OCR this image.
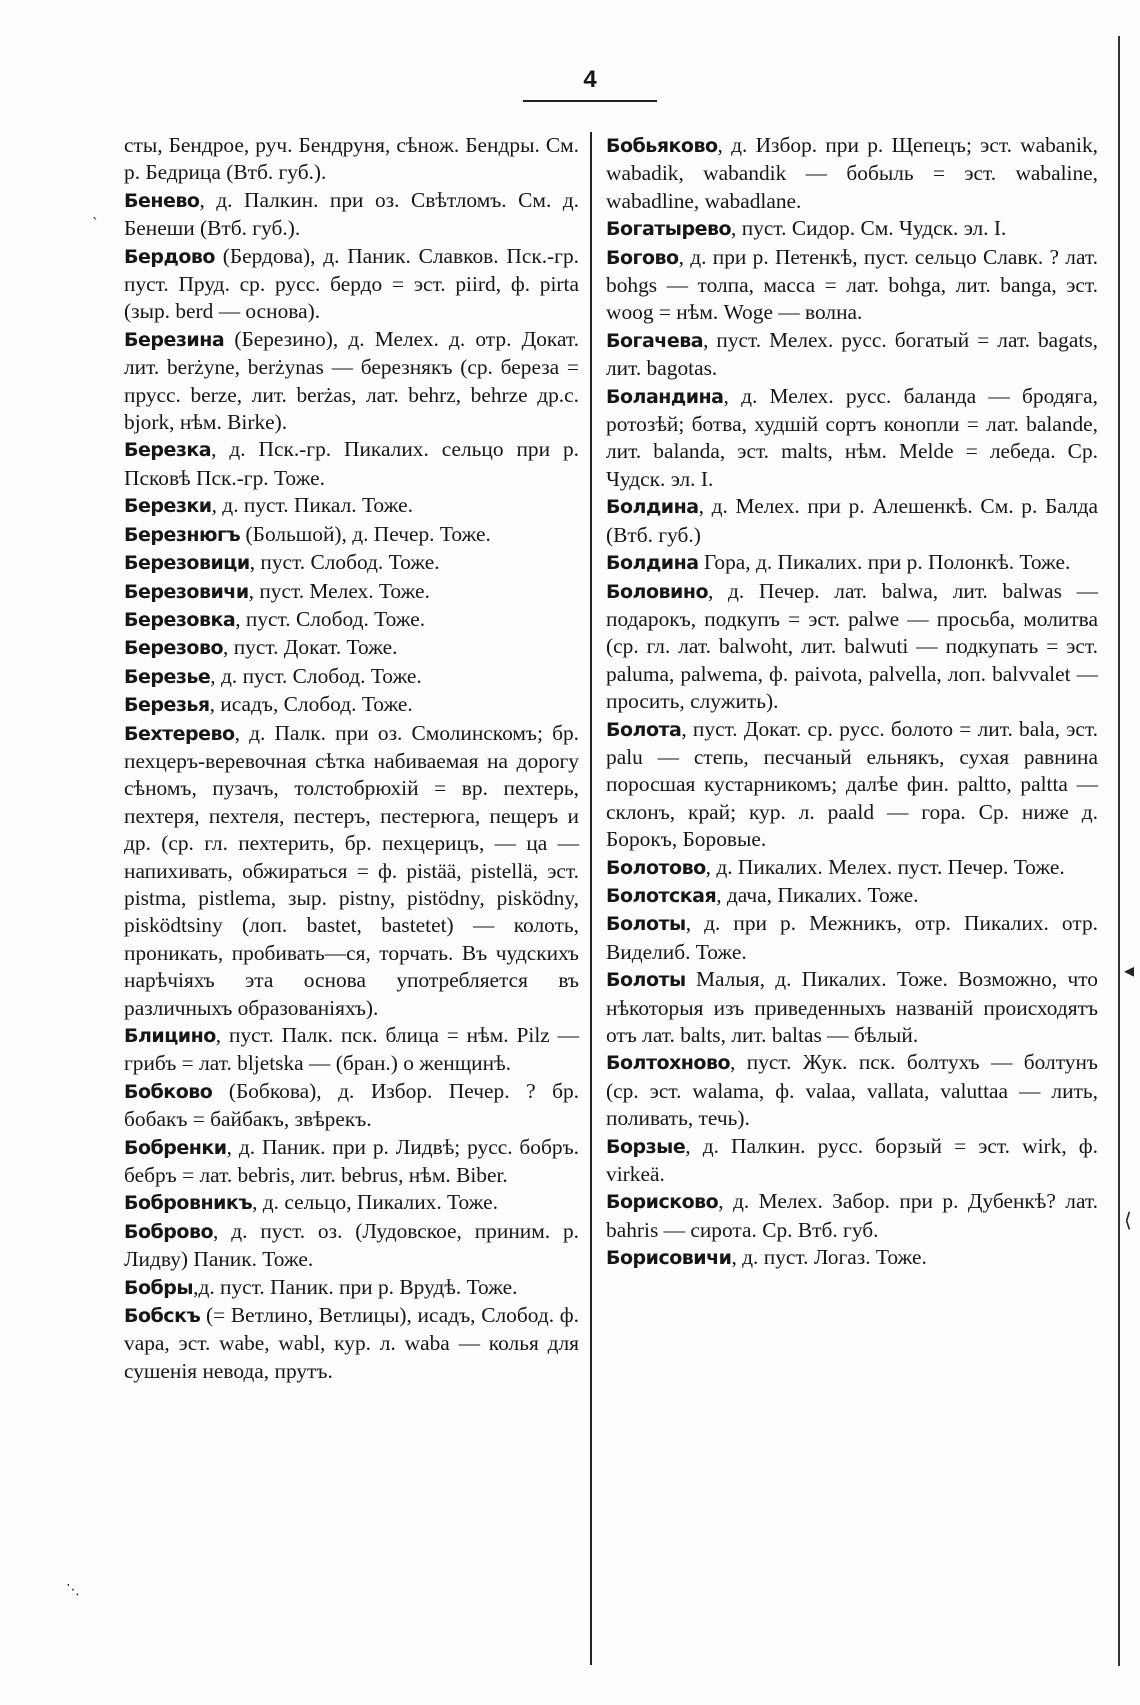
4

сты, Бендрое, руч. Бендруня, сѣнож. Бендры. См. р. Бедрица (Втб. губ.).

Бенево, д. Палкин. при оз. Свѣтломъ. См. д. Бенеши (Втб. губ.).

Бердово (Бердова), д. Паник. Славков. Пск.-гр. пуст. Пруд. ср. русс. бердо = эст. piird, ф. pirta (зыр. berd — основа).

Березина (Березино), д. Мелех. д. отр. Докат. лит. berżyne, berżynas — березнякъ (ср. береза = прусс. berze, лит. berżas, лат. behrz, behrze др.с. bjork, нѣм. Birke).

Березка, д. Пск.-гр. Пикалих. сельцо при р. Псковѣ Пск.-гр. Тоже.

Березки, д. пуст. Пикал. Тоже.

Березнюгъ (Большой), д. Печер. Тоже.

Березовици, пуст. Слобод. Тоже.

Березовичи, пуст. Мелех. Тоже.

Березовка, пуст. Слобод. Тоже.

Березово, пуст. Докат. Тоже.

Березье, д. пуст. Слобод. Тоже.

Березья, исадъ, Слобод. Тоже.

Бехтерево, д. Палк. при оз. Смолинскомъ; бр. пехцеръ-веревочная сѣтка набиваемая на дорогу сѣномъ, пузачъ, толстобрюхій = вр. пехтерь, пехтеря, пехтеля, пестеръ, пестерюга, пещеръ и др. (ср. гл. пехтерить, бр. пехцерицъ, — ца — напихивать, обжираться = ф. pistää, pistellä, эст. pistma, pistlema, зыр. pistny, pistödny, pisködny, pisködtsiny (лоп. bastet, bastetet) — колоть, проникать, пробивать—ся, торчать. Въ чудскихъ нарѣчіяхъ эта основа употребляется въ различныхъ образованіяхъ).

Блицино, пуст. Палк. пск. блица = нѣм. Pilz — грибъ = лат. bljetska — (бран.) о женщинѣ.

Бобково (Бобкова), д. Избор. Печер. ? бр. бобакъ = байбакъ, звѣрекъ.

Бобренки, д. Паник. при р. Лидвѣ; русс. бобръ. бебръ = лат. bebris, лит. bebrus, нѣм. Biber.

Бобровникъ, д. сельцо, Пикалих. Тоже.

Боброво, д. пуст. оз. (Лудовское, приним. р. Лидву) Паник. Тоже.

Бобры,д. пуст. Паник. при р. Врудѣ. Тоже.

Бобскъ (= Ветлино, Ветлицы), исадъ, Слобод. ф. vapa, эст. wabe, wabl, кур. л. waba — колья для сушенія невода, прутъ.

Бобьяково, д. Избор. при р. Щепецъ; эст. wabanik, wabadik, wabandik — бобыль = эст. wabaline, wabadline, wabadlane.

Богатырево, пуст. Сидор. См. Чудск. эл. I.

Богово, д. при р. Петенкѣ, пуст. сельцо Славк. ? лат. bohgs — толпа, масса = лат. bohga, лит. banga, эст. woog = нѣм. Woge — волна.

Богачева, пуст. Мелех. русс. богатый = лат. bagats, лит. bagotas.

Боландина, д. Мелех. русс. баланда — бродяга, ротозѣй; ботва, худшій сортъ конопли = лат. balande, лит. balanda, эст. malts, нѣм. Melde = лебеда. Ср. Чудск. эл. I.

Болдина, д. Мелех. при р. Алешенкѣ. См. р. Балда (Втб. губ.)

Болдина Гора, д. Пикалих. при р. Полонкѣ. Тоже.

Боловино, д. Печер. лат. balwa, лит. balwas — подарокъ, подкупъ = эст. palwe — просьба, молитва (ср. гл. лат. balwoht, лит. balwuti — подкупать = эст. paluma, palwema, ф. paivota, palvella, лоп. balvvalet — просить, служить).

Болота, пуст. Докат. ср. русс. болото = лит. bala, эст. palu — степь, песчаный ельнякъ, сухая равнина поросшая кустарникомъ; далѣе фин. paltto, paltta — склонъ, край; кур. л. paald — гора. Ср. ниже д. Борокъ, Боровые.

Болотово, д. Пикалих. Мелех. пуст. Печер. Тоже.

Болотская, дача, Пикалих. Тоже.

Болоты, д. при р. Межникъ, отр. Пикалих. отр. Виделиб. Тоже.

Болоты Малыя, д. Пикалих. Тоже. Возможно, что нѣкоторыя изъ приведенныхъ названій происходятъ отъ лат. balts, лит. baltas — бѣлый.

Болтохново, пуст. Жук. пск. болтухъ — болтунъ (ср. эст. walama, ф. valaa, vallata, valuttaa — лить, поливать, течь).

Борзые, д. Палкин. русс. борзый = эст. wirk, ф. virkeä.

Борисково, д. Мелех. Забор. при р. Дубенкѣ? лат. bahris — сирота. Ср. Втб. губ.

Борисовичи, д. пуст. Логаз. Тоже.

◂
⟨
⋱
ˎ
